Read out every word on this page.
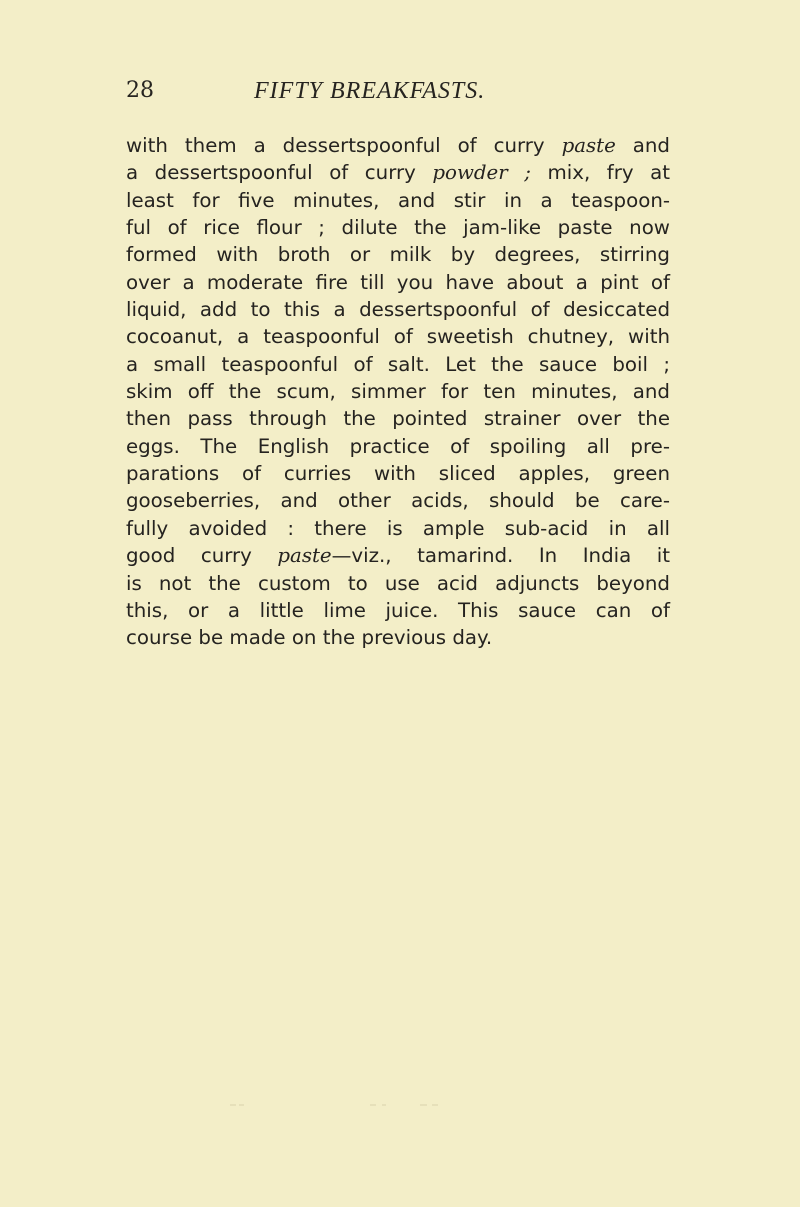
28	FIFTY BREAKFASTS.
with them a dessertspoonful of curry paste and
a dessertspoonful of curry powder ; mix, fry at
least for five minutes, and stir in a teaspoon-
ful of rice flour ; dilute the jam-like paste now
formed with broth or milk by degrees, stirring
over a moderate fire till you have about a pint of
liquid, add to this a dessertspoonful of desiccated
cocoanut, a teaspoonful of sweetish chutney, with
a small teaspoonful of salt. Let the sauce boil ;
skim off the scum, simmer for ten minutes, and
then pass through the pointed strainer over the
eggs. The English practice of spoiling all pre-
parations of curries with sliced apples, green
gooseberries, and other acids, should be care-
fully avoided : there is ample sub-acid in all
good curry paste—viz., tamarind. In India it
is not the custom to use acid adjuncts beyond
this, or a little lime juice. This sauce can of
course be made on the previous day.
